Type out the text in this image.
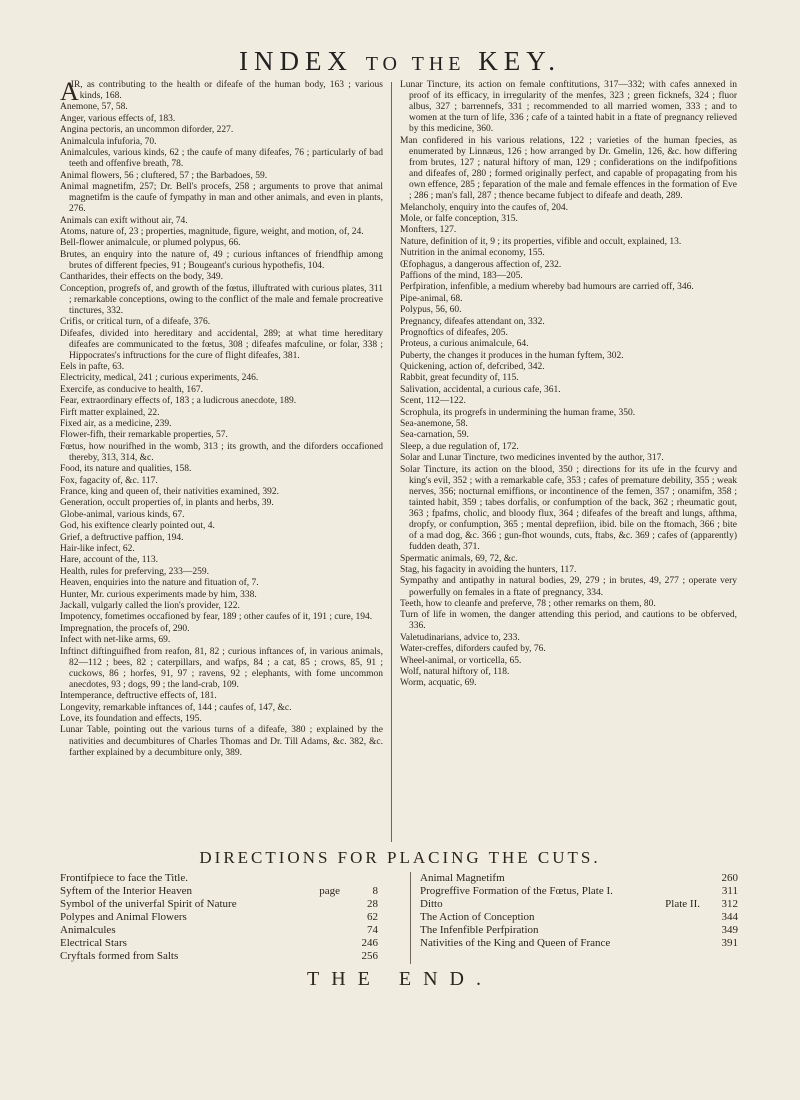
INDEX TO THE KEY.

AIR, as contributing to the health or difeafe of the human body, 163 ; various kinds, 168.

Anemone, 57, 58.

Anger, various effects of, 183.

Angina pectoris, an uncommon diforder, 227.

Animalcula infuforia, 70.

Animalcules, various kinds, 62 ; the caufe of many difeafes, 76 ; particularly of bad teeth and offenfive breath, 78.

Animal flowers, 56 ; cluftered, 57 ; the Barbadoes, 59.

Animal magnetifm, 257; Dr. Bell's procefs, 258 ; arguments to prove that animal magnetifm is the caufe of fympathy in man and other animals, and even in plants, 276.

Animals can exift without air, 74.

Atoms, nature of, 23 ; properties, magnitude, figure, weight, and motion, of, 24.

Bell-flower animalcule, or plumed polypus, 66.

Brutes, an enquiry into the nature of, 49 ; curious inftances of friendfhip among brutes of different fpecies, 91 ; Bougeant's curious hypothefis, 104.

Cantharides, their effects on the body, 349.

Conception, progrefs of, and growth of the fœtus, illuftrated with curious plates, 311 ; remarkable conceptions, owing to the conflict of the male and female procreative tinctures, 332.

Crifis, or critical turn, of a difeafe, 376.

Difeafes, divided into hereditary and accidental, 289; at what time hereditary difeafes are communicated to the fœtus, 308 ; difeafes mafculine, or folar, 338 ; Hippocrates's inftructions for the cure of flight difeafes, 381.

Eels in pafte, 63.

Electricity, medical, 241 ; curious experiments, 246.

Exercife, as conducive to health, 167.

Fear, extraordinary effects of, 183 ; a ludicrous anecdote, 189.

Firft matter explained, 22.

Fixed air, as a medicine, 239.

Flower-fifh, their remarkable properties, 57.

Fœtus, how nourifhed in the womb, 313 ; its growth, and the diforders occafioned thereby, 313, 314, &c.

Food, its nature and qualities, 158.

Fox, fagacity of, &c. 117.

France, king and queen of, their nativities examined, 392.

Generation, occult properties of, in plants and herbs, 39.

Globe-animal, various kinds, 67.

God, his exiftence clearly pointed out, 4.

Grief, a deftructive paffion, 194.

Hair-like infect, 62.

Hare, account of the, 113.

Health, rules for preferving, 233—259.

Heaven, enquiries into the nature and fituation of, 7.

Hunter, Mr. curious experiments made by him, 338.

Jackall, vulgarly called the lion's provider, 122.

Impotency, fometimes occafioned by fear, 189 ; other caufes of it, 191 ; cure, 194.

Impregnation, the procefs of, 290.

Infect with net-like arms, 69.

Inftinct diftinguifhed from reafon, 81, 82 ; curious inftances of, in various animals, 82—112 ; bees, 82 ; caterpillars, and wafps, 84 ; a cat, 85 ; crows, 85, 91 ; cuckows, 86 ; horfes, 91, 97 ; ravens, 92 ; elephants, with fome uncommon anecdotes, 93 ; dogs, 99 ; the land-crab, 109.

Intemperance, deftructive effects of, 181.

Longevity, remarkable inftances of, 144 ; caufes of, 147, &c.

Love, its foundation and effects, 195.

Lunar Table, pointing out the various turns of a difeafe, 380 ; explained by the nativities and decumbitures of Charles Thomas and Dr. Till Adams, &c. 382, &c. farther explained by a decumbiture only, 389.

Lunar Tincture, its action on female conftitutions, 317—332; with cafes annexed in proof of its efficacy, in irregularity of the menfes, 323 ; green ficknefs, 324 ; fluor albus, 327 ; barrennefs, 331 ; recommended to all married women, 333 ; and to women at the turn of life, 336 ; cafe of a tainted habit in a ftate of pregnancy relieved by this medicine, 360.

Man confidered in his various relations, 122 ; varieties of the human fpecies, as enumerated by Linnæus, 126 ; how arranged by Dr. Gmelin, 126, &c. how differing from brutes, 127 ; natural hiftory of man, 129 ; confiderations on the indifpofitions and difeafes of, 280 ; formed originally perfect, and capable of propagating from his own effence, 285 ; feparation of the male and female effences in the formation of Eve ; 286 ; man's fall, 287 ; thence became fubject to difeafe and death, 289.

Melancholy, enquiry into the caufes of, 204.

Mole, or falfe conception, 315.

Monfters, 127.

Nature, definition of it, 9 ; its properties, vifible and occult, explained, 13.

Nutrition in the animal economy, 155.

Œfophagus, a dangerous affection of, 232.

Paffions of the mind, 183—205.

Perfpiration, infenfible, a medium whereby bad humours are carried off, 346.

Pipe-animal, 68.

Polypus, 56, 60.

Pregnancy, difeafes attendant on, 332.

Prognoftics of difeafes, 205.

Proteus, a curious animalcule, 64.

Puberty, the changes it produces in the human fyftem, 302.

Quickening, action of, defcribed, 342.

Rabbit, great fecundity of, 115.

Salivation, accidental, a curious cafe, 361.

Scent, 112—122.

Scrophula, its progrefs in undermining the human frame, 350.

Sea-anemone, 58.

Sea-carnation, 59.

Sleep, a due regulation of, 172.

Solar and Lunar Tincture, two medicines invented by the author, 317.

Solar Tincture, its action on the blood, 350 ; directions for its ufe in the fcurvy and king's evil, 352 ; with a remarkable cafe, 353 ; cafes of premature debility, 355 ; weak nerves, 356; nocturnal emiffions, or incontinence of the femen, 357 ; onamifm, 358 ; tainted habit, 359 ; tabes dorfalis, or confumption of the back, 362 ; rheumatic gout, 363 ; fpafms, cholic, and bloody flux, 364 ; difeafes of the breaft and lungs, afthma, dropfy, or confumption, 365 ; mental deprefiion, ibid. bile on the ftomach, 366 ; bite of a mad dog, &c. 366 ; gun-fhot wounds, cuts, ftabs, &c. 369 ; cafes of (apparently) fudden death, 371.

Spermatic animals, 69, 72, &c.

Stag, his fagacity in avoiding the hunters, 117.

Sympathy and antipathy in natural bodies, 29, 279 ; in brutes, 49, 277 ; operate very powerfully on females in a ftate of pregnancy, 334.

Teeth, how to cleanfe and preferve, 78 ; other remarks on them, 80.

Turn of life in women, the danger attending this period, and cautions to be obferved, 336.

Valetudinarians, advice to, 233.

Water-creffes, diforders caufed by, 76.

Wheel-animal, or vorticella, 65.

Wolf, natural hiftory of, 118.

Worm, acquatic, 69.

DIRECTIONS FOR PLACING THE CUTS.
Frontifpiece to face the Title.
Syftem of the Interior Heaven	page	8
Symbol of the univerfal Spirit of Nature	28
Polypes and Animal Flowers	62
Animalcules	74
Electrical Stars	246
Cryftals formed from Salts	256
Animal Magnetifm	260
Progreffive Formation of the Fœtus, Plate I.	311
Ditto	Plate II.	312
The Action of Conception	344
The Infenfible Perfpiration	349
Nativities of the King and Queen of France	391
THE END.
